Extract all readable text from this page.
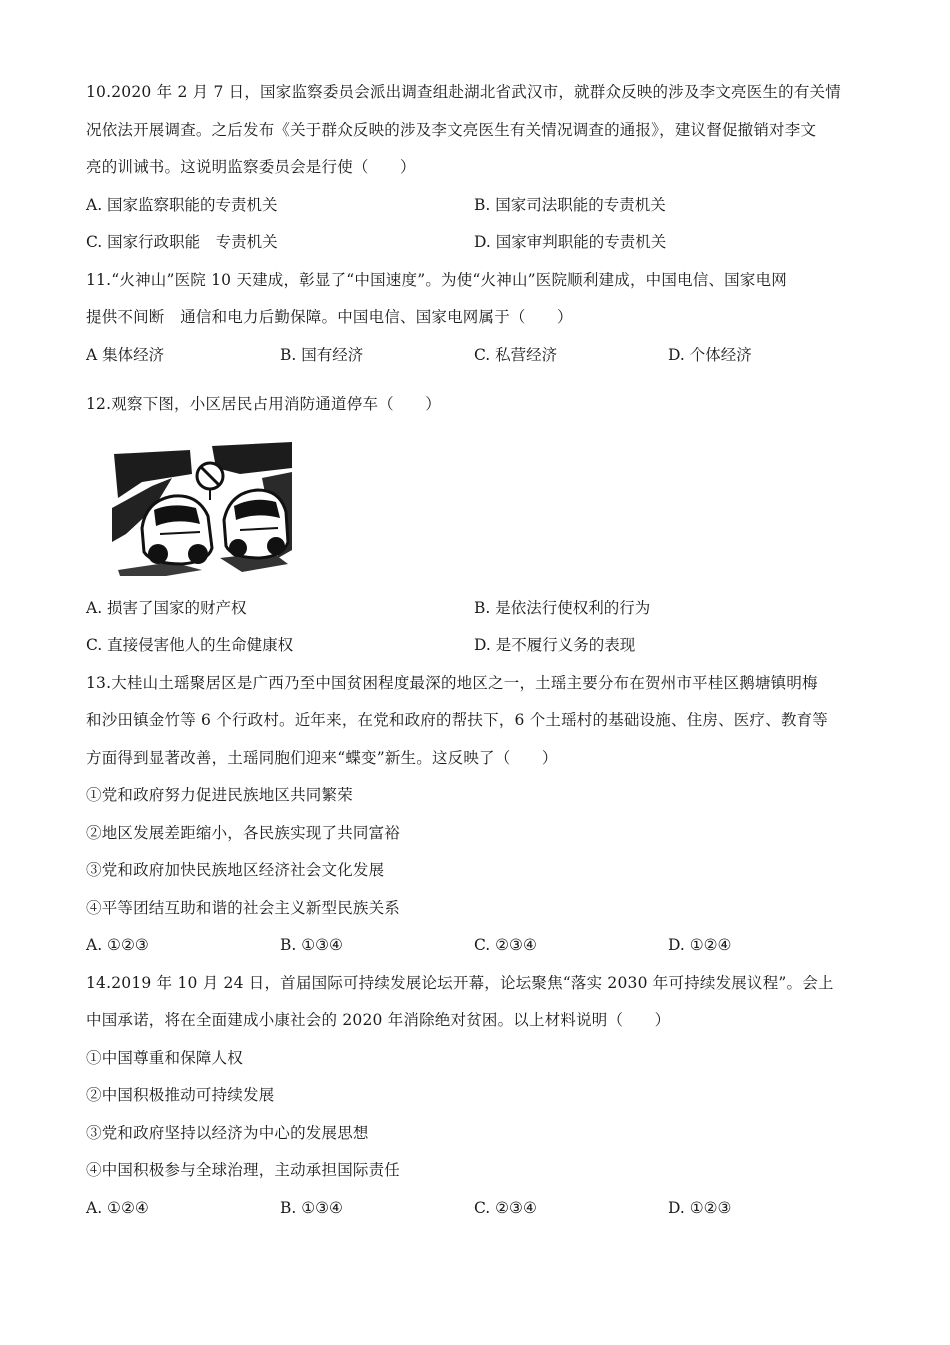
10.2020 年 2 月 7 日，国家监察委员会派出调查组赴湖北省武汉市，就群众反映的涉及李文亮医生的有关情
况依法开展调查。之后发布《关于群众反映的涉及李文亮医生有关情况调查的通报》，建议督促撤销对李文
亮的训诫书。这说明监察委员会是行使（　　）
A. 国家监察职能的专责机关	B. 国家司法职能的专责机关
C. 国家行政职能　专责机关	D. 国家审判职能的专责机关
11.“火神山”医院 10 天建成，彰显了“中国速度”。为使“火神山”医院顺利建成，中国电信、国家电网
提供不间断　通信和电力后勤保障。中国电信、国家电网属于（　　）
A 集体经济	B. 国有经济	C. 私营经济	D. 个体经济
12.观察下图，小区居民占用消防通道停车（　　）
A. 损害了国家的财产权	B. 是依法行使权利的行为
C. 直接侵害他人的生命健康权	D. 是不履行义务的表现
13.大桂山土瑶聚居区是广西乃至中国贫困程度最深的地区之一，土瑶主要分布在贺州市平桂区鹅塘镇明梅
和沙田镇金竹等 6 个行政村。近年来，在党和政府的帮扶下，6 个土瑶村的基础设施、住房、医疗、教育等
方面得到显著改善，土瑶同胞们迎来“蝶变”新生。这反映了（　　）
①党和政府努力促进民族地区共同繁荣
②地区发展差距缩小，各民族实现了共同富裕
③党和政府加快民族地区经济社会文化发展
④平等团结互助和谐的社会主义新型民族关系
A. ①②③	B. ①③④	C. ②③④	D. ①②④
14.2019 年 10 月 24 日，首届国际可持续发展论坛开幕，论坛聚焦“落实 2030 年可持续发展议程”。会上
中国承诺，将在全面建成小康社会的 2020 年消除绝对贫困。以上材料说明（　　）
①中国尊重和保障人权
②中国积极推动可持续发展
③党和政府坚持以经济为中心的发展思想
④中国积极参与全球治理，主动承担国际责任
A. ①②④	B. ①③④	C. ②③④	D. ①②③
